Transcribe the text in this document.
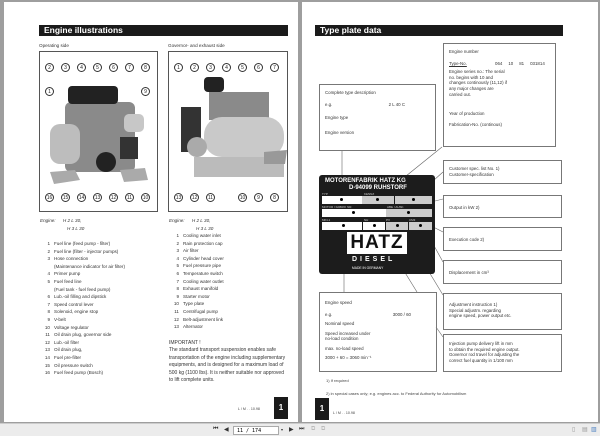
Engine illustrations
Operating side	Governor- and exhaust side
2	3	4	5	6	7	8
16	15	14	13	12	11	10
1	9
1	2	3	4	5	6	7
13	12	11	10	9	8
Engine: H 2 L 30,
H 3 L 30
1 Fuel line (feed pump - filter)
2 Fuel line (filter - injector pumps)
3 Hose connection
(Maintenance indicator for air filter)
4 Primer pump
5 Fuel feed line
(Fuel tank - fuel feed pump)
6 Lub.-oil filling and dipstick
7 Speed control lever
8 Solenoid, engine stop
9 V-belt
10 Voltage regulator
11 Oil drain plug, governor side
12 Lub.-oil filter
13 Oil drain plug,
14 Fuel pre-filter
15 Oil pressure switch
16 Fuel feed pump (Bosch)
Engine: H 2 L 30,
H 3 L 30
1 Cooling water inlet
2 Rain protection cap
3 Air filter
4 Cylinder head cover
5 Fuel pressure pipe
6 Temperature switch
7 Cooling water outlet
8 Exhaust manifold
9 Starter motor
10 Type plate
11 Centrifugal pump
12 Belt-adjustment link
13 Alternator
IMPORTANT !
The standard transport suspension enables safe transportation of the engine including supplementary equipments, and is designed for a maximum load of 500 kg (1100 lbs). It is neither suitable nor approved to lift complete units.
L / M . . 10.98	1
Type plate data
Engine number
Type-No.	064 10 81 031814
Engine series no.: The serial no. begins with 10 and changes continously (11,12) if any major changes are carried out.
Year of production
Fabrication-No. (continous)
Complete type description
e.g.	2 L 40 C
Engine type
Engine version
MOTORENFABRIK HATZ KG
D-94099 RUHSTORF
TYP	KENNZ
MOTOR / FABRIK NR.	ABE / AUSF.
MIN-1	NH	PV	CM3
HATZ
DIESEL
MADE IN GERMANY
Customer spec. list No. 1)
Customer-specification
Output in kW 2)
Execution code 2)
Displacement in cm³
Adjustment instruction 1)
Special adjustm. regarding
engine speed, power output etc.
Injection pump delivery lift in mm
to obtain the required engine output.
Governor rod travel for adjusting the
correct fuel quantity in 1/100 mm
Engine speed
e.g.	3000 / 60
Nominal speed
Speed increased under
no-load condition
max. no-load speed
3000 + 60 = 3060 min⁻¹
1) If required
2) in special cases only; e.g. engines acc. to Federal Authority for Automobilism
1	L / M . . 10.98
⏮ ◀
11 / 174	▾ ▶ ⏭ ⧉ ⧉	▯ ▤ ▥
